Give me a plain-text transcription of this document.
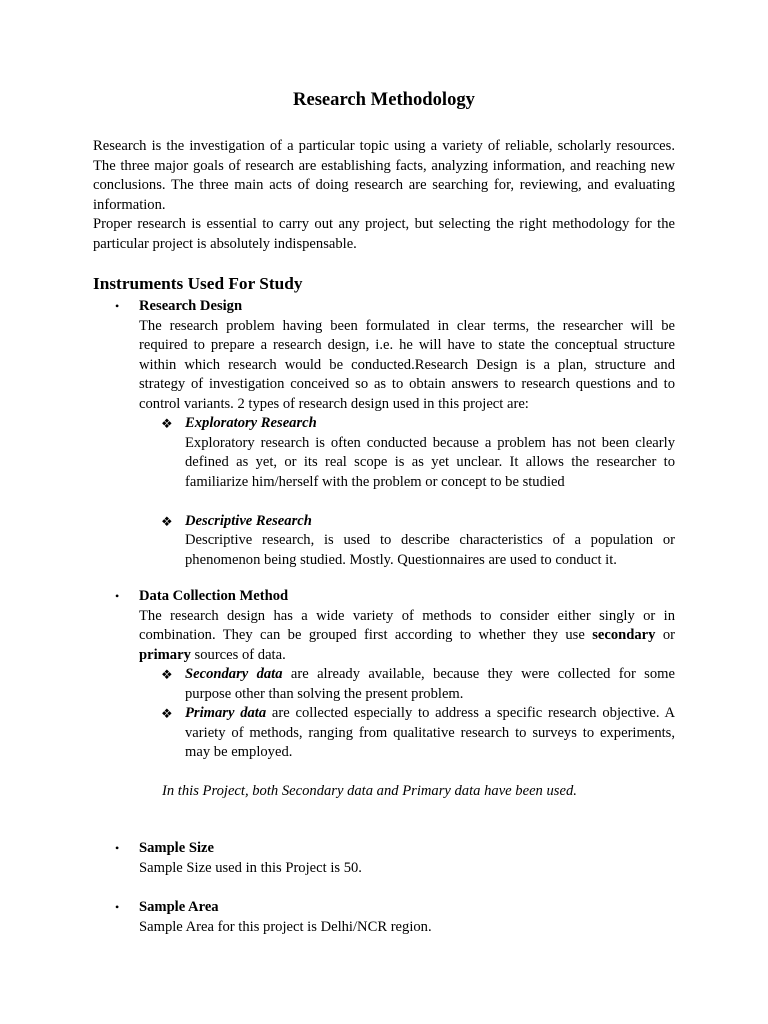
Research Methodology

Research is the investigation of a particular topic using a variety of reliable, scholarly resources. The three major goals of research are establishing facts, analyzing information, and reaching new conclusions. The three main acts of doing research are searching for, reviewing, and evaluating information.

Proper research is essential to carry out any project, but selecting the right methodology for the particular project is absolutely indispensable.

Instruments Used For Study
• Research Design
The research problem having been formulated in clear terms, the researcher will be required to prepare a research design, i.e. he will have to state the conceptual structure within which research would be conducted.Research Design is a plan, structure and strategy of investigation conceived so as to obtain answers to research questions and to control variants. 2 types of research design used in this project are:
❖ Exploratory Research
Exploratory research is often conducted because a problem has not been clearly defined as yet, or its real scope is as yet unclear. It allows the researcher to familiarize him/herself with the problem or concept to be studied
❖ Descriptive Research
Descriptive research, is used to describe characteristics of a population or phenomenon being studied. Mostly. Questionnaires are used to conduct it.
• Data Collection Method
The research design has a wide variety of methods to consider either singly or in combination. They can be grouped first according to whether they use secondary or primary sources of data.
❖ Secondary data are already available, because they were collected for some purpose other than solving the present problem.
❖ Primary data are collected especially to address a specific research objective. A variety of methods, ranging from qualitative research to surveys to experiments, may be employed.
In this Project, both Secondary data and Primary data have been used.
• Sample Size
Sample Size used in this Project is 50.
• Sample Area
Sample Area for this project is Delhi/NCR region.
